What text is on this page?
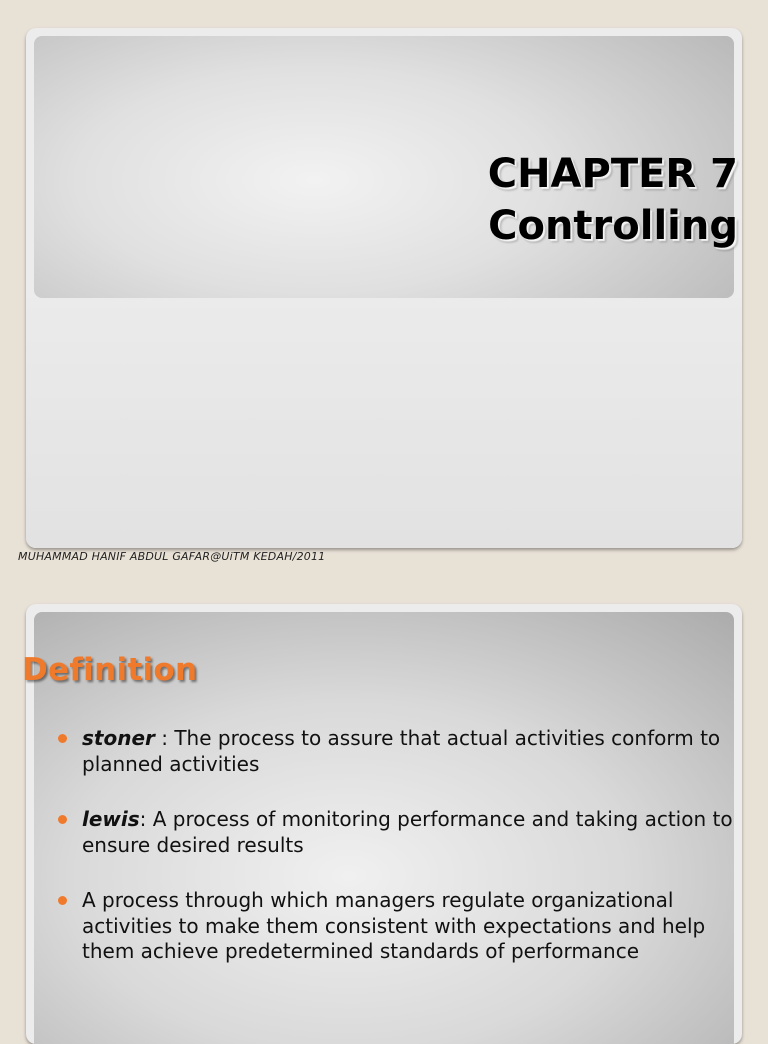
CHAPTER 7
Controlling
MUHAMMAD HANIF ABDUL GAFAR@UiTM KEDAH/2011
Definition
stoner : The process to assure that actual activities conform to planned activities
lewis: A process of monitoring performance and taking action to ensure desired results
A process through which managers regulate organizational activities to make them consistent with expectations and help them achieve predetermined standards of performance
